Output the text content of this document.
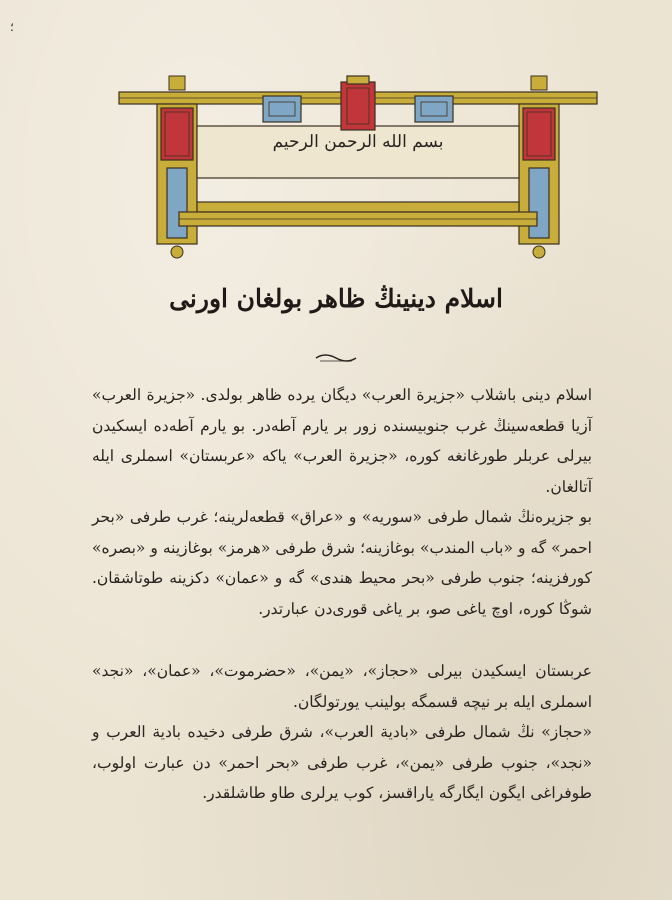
؛
بسم الله الرحمن الرحيم
اسلام دينينڭ ظاهر بولغان اورنى

اسلام دينى باشلاب «جزيرة العرب» ديگان يرده ظاهر بولدى. «جزيرة العرب» آزيا قطعه‌سينڭ غرب جنوبيسنده زور بر يارم آطه‌در. بو يارم آطه‌ده ايسكيدن بيرلى عربلر طورغانغه كوره، «جزيرة العرب» ياكه «عربستان» اسملرى ايله آتالغان.

بو جزيره‌نڭ شمال طرفى «سوريه» و «عراق» قطعه‌لرينه؛ غرب طرفى «بحر احمر» گه و «باب المندب» بوغازينه؛ شرق طرفى «هرمز» بوغازينه و «بصره» كورفزينه؛ جنوب طرفى «بحر محيط هندى» گه و «عمان» دكزينه طوتاشقان. شوڭا كوره، اوچ ياغى صو، بر ياغى قورى‌دن عبارتدر.

عربستان ايسكيدن بيرلى «حجاز»، «يمن»، «حضرموت»، «عمان»، «نجد» اسملرى ايله بر نيچه قسمگه بولينب يورتولگان.

«حجاز» نڭ شمال طرفى «بادية العرب»، شرق طرفى دخيده بادية العرب و «نجد»، جنوب طرفى «يمن»، غرب طرفى «بحر احمر» دن عبارت اولوب، طوفراغى ايگون ايگارگه ياراقسز، كوب يرلرى طاو طاشلقدر.
